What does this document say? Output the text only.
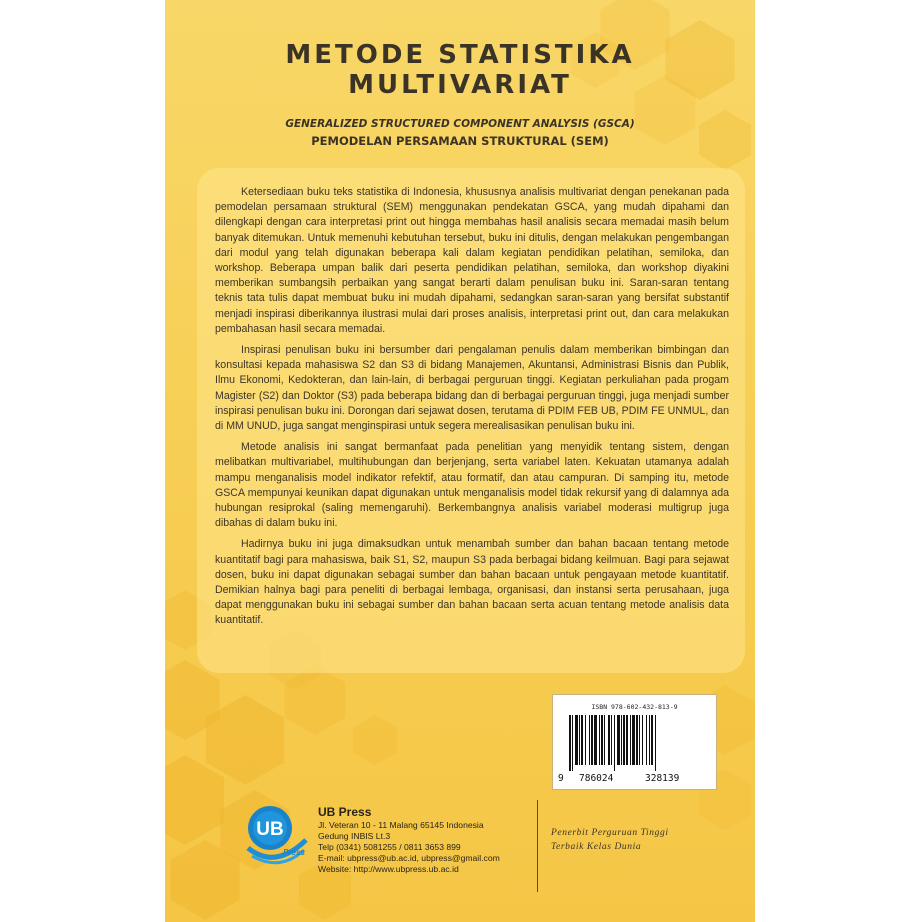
METODE STATISTIKA
MULTIVARIAT
GENERALIZED STRUCTURED COMPONENT ANALYSIS (GSCA)
PEMODELAN PERSAMAAN STRUKTURAL (SEM)

Ketersediaan buku teks statistika di Indonesia, khususnya analisis multivariat dengan penekanan pada pemodelan persamaan struktural (SEM) menggunakan pendekatan GSCA, yang mudah dipahami dan dilengkapi dengan cara interpretasi print out hingga membahas hasil analisis secara memadai masih belum banyak ditemukan. Untuk memenuhi kebutuhan tersebut, buku ini ditulis, dengan melakukan pengembangan dari modul yang telah digunakan beberapa kali dalam kegiatan pendidikan pelatihan, semiloka, dan workshop. Beberapa umpan balik dari peserta pendidikan pelatihan, semiloka, dan workshop diyakini memberikan sumbangsih perbaikan yang sangat berarti dalam penulisan buku ini. Saran-saran tentang teknis tata tulis dapat membuat buku ini mudah dipahami, sedangkan saran-saran yang bersifat substantif menjadi inspirasi diberikannya ilustrasi mulai dari proses analisis, interpretasi print out, dan cara melakukan pembahasan hasil secara memadai.

Inspirasi penulisan buku ini bersumber dari pengalaman penulis dalam memberikan bimbingan dan konsultasi kepada mahasiswa S2 dan S3 di bidang Manajemen, Akuntansi, Administrasi Bisnis dan Publik, Ilmu Ekonomi, Kedokteran, dan lain-lain, di berbagai perguruan tinggi. Kegiatan perkuliahan pada progam Magister (S2) dan Doktor (S3) pada beberapa bidang dan di berbagai perguruan tinggi, juga menjadi sumber inspirasi penulisan buku ini. Dorongan dari sejawat dosen, terutama di PDIM FEB UB, PDIM FE UNMUL, dan di MM UNUD, juga sangat menginspirasi untuk segera merealisasikan penulisan buku ini.

Metode analisis ini sangat bermanfaat pada penelitian yang menyidik tentang sistem, dengan melibatkan multivariabel, multihubungan dan berjenjang, serta variabel laten. Kekuatan utamanya adalah mampu menganalisis model indikator refektif, atau formatif, dan atau campuran. Di samping itu, metode GSCA mempunyai keunikan dapat digunakan untuk menganalisis model tidak rekursif yang di dalamnya ada hubungan resiprokal (saling memengaruhi). Berkembangnya analisis variabel moderasi multigrup juga dibahas di dalam buku ini.

Hadirnya buku ini juga dimaksudkan untuk menambah sumber dan bahan bacaan tentang metode kuantitatif bagi para mahasiswa, baik S1, S2, maupun S3 pada berbagai bidang keilmuan. Bagi para sejawat dosen, buku ini dapat digunakan sebagai sumber dan bahan bacaan untuk pengayaan metode kuantitatif. Demikian halnya bagi para peneliti di berbagai lembaga, organisasi, dan instansi serta perusahaan, juga dapat menggunakan buku ini sebagai sumber dan bahan bacaan serta acuan tentang metode analisis data kuantitatif.

ISBN 978-602-432-813-9
9 786024	328139
UB
Press
UB Press
Jl. Veteran 10 - 11 Malang 65145 Indonesia
Gedung INBIS Lt.3
Telp (0341) 5081255 / 0811 3653 899
E-mail: ubpress@ub.ac.id, ubpress@gmail.com
Website: http://www.ubpress.ub.ac.id
Penerbit Perguruan Tinggi
Terbaik Kelas Dunia
